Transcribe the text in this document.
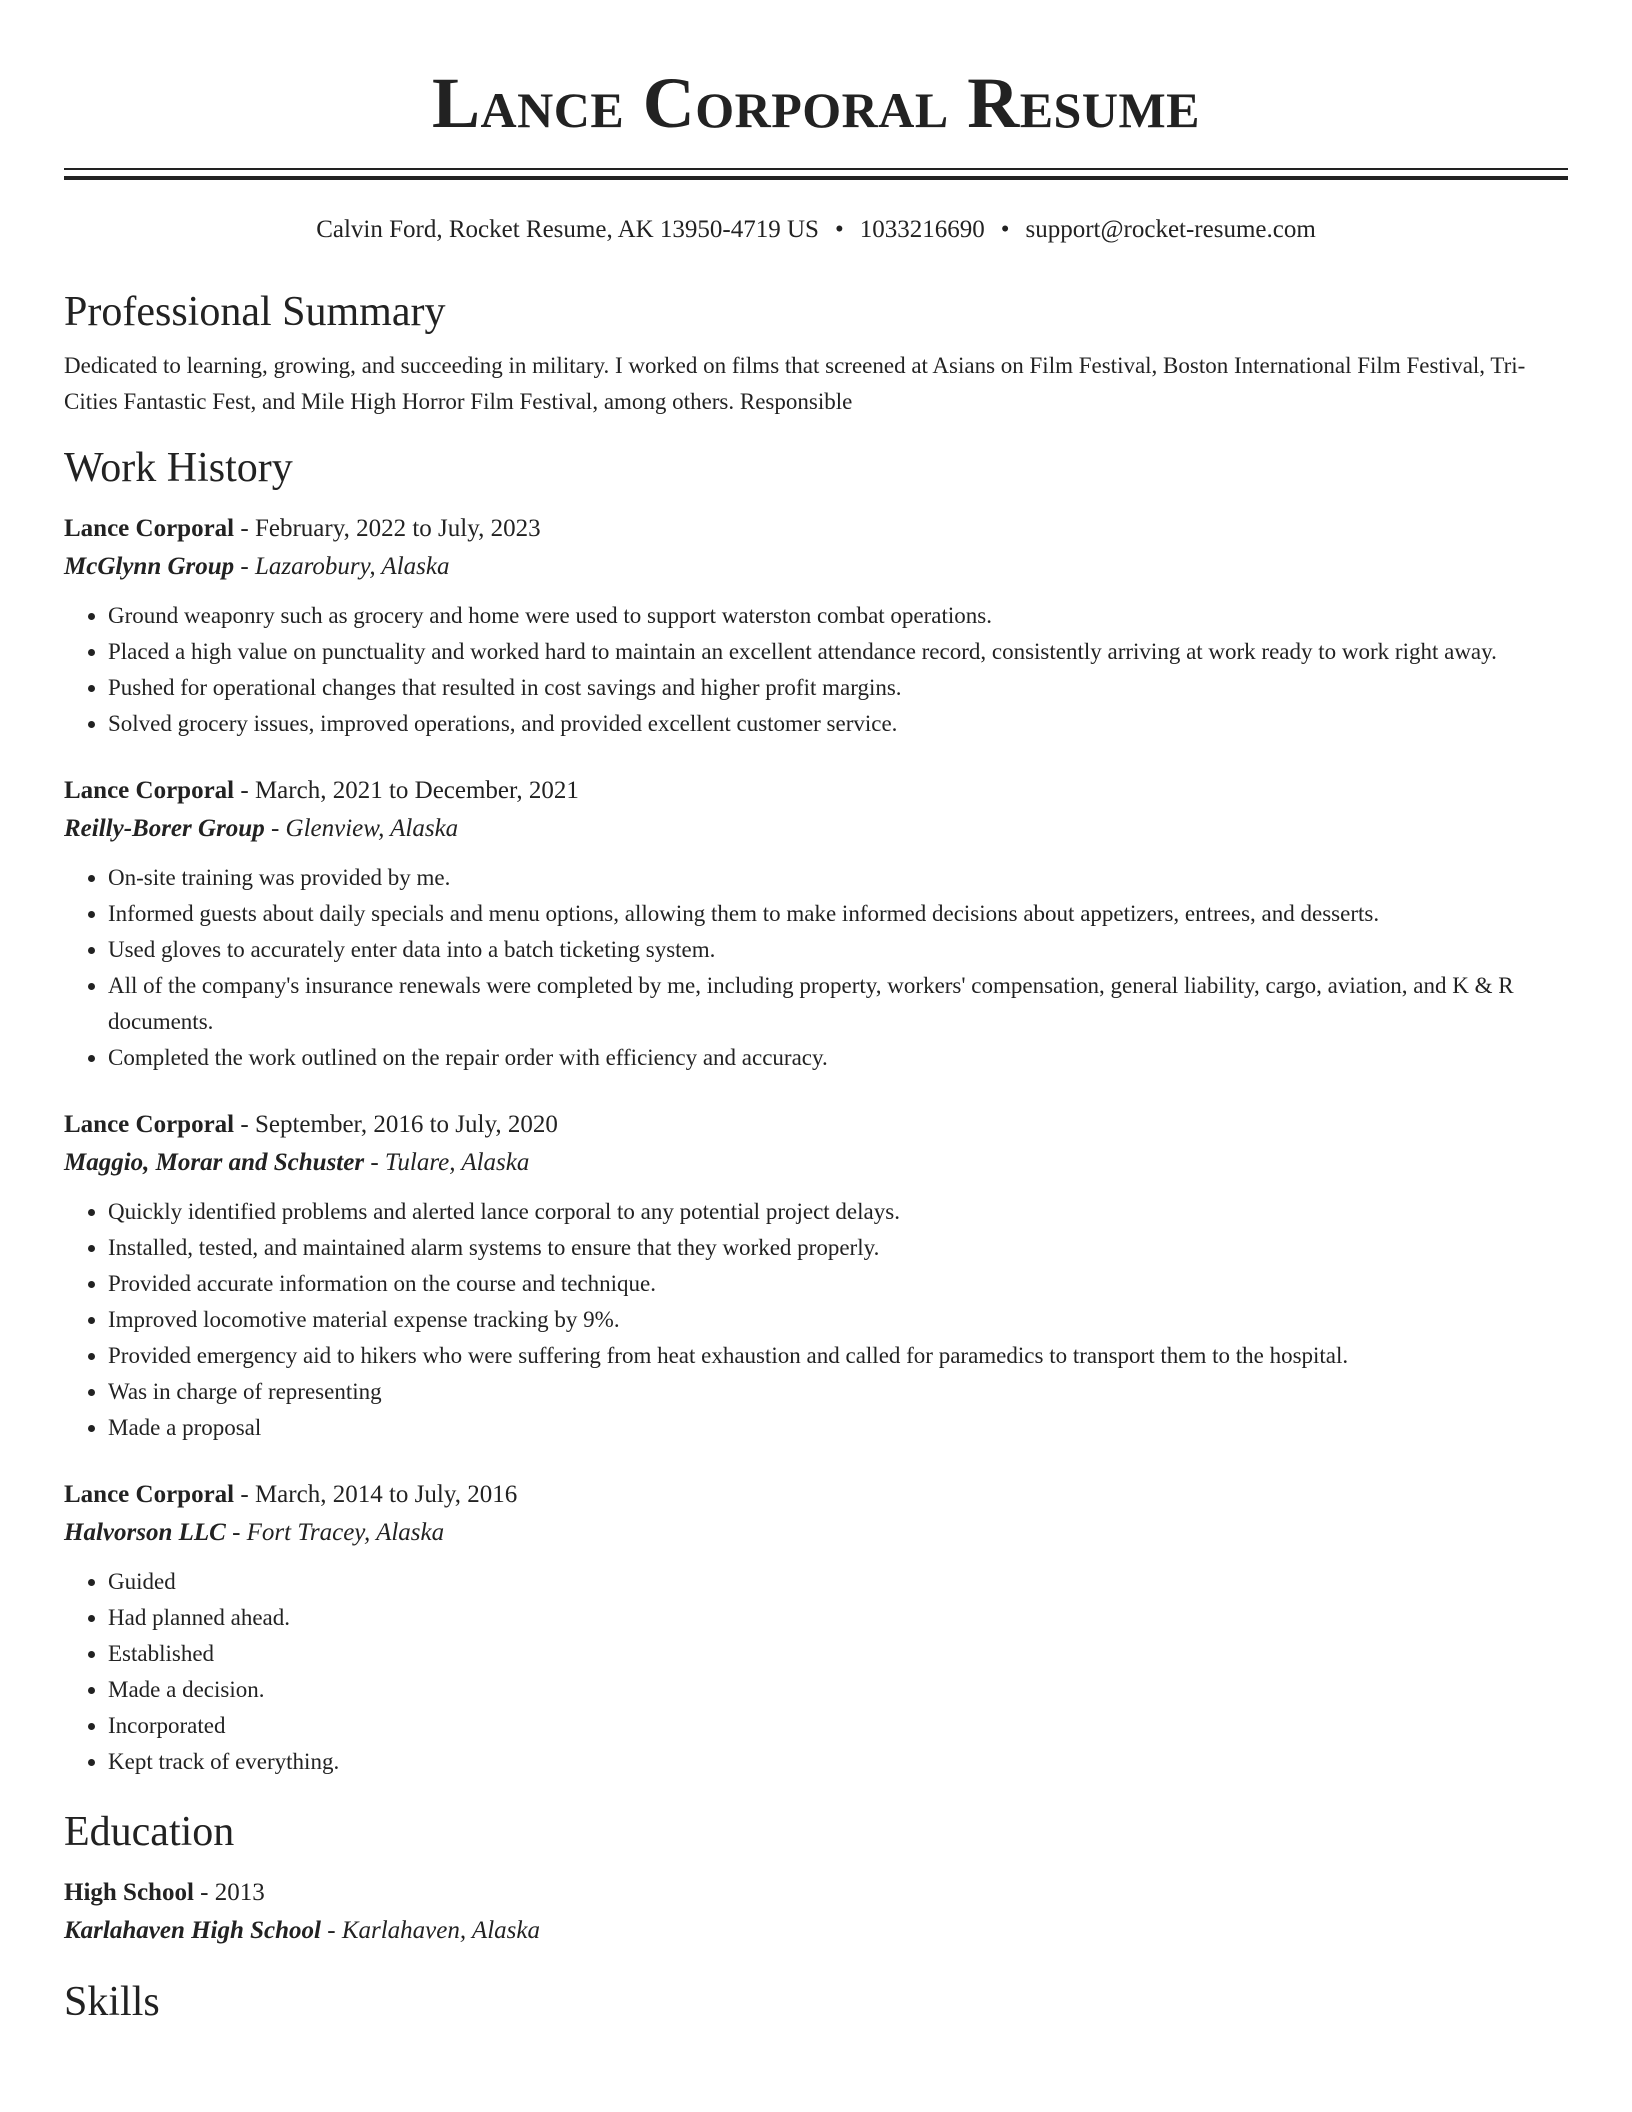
Lance Corporal Resume
Calvin Ford, Rocket Resume, AK 13950-4719 US • 1033216690 • support@rocket-resume.com
Professional Summary
Dedicated to learning, growing, and succeeding in military. I worked on films that screened at Asians on Film Festival, Boston International Film Festival, Tri-Cities Fantastic Fest, and Mile High Horror Film Festival, among others. Responsible
Work History
Lance Corporal - February, 2022 to July, 2023
McGlynn Group - Lazarobury, Alaska
• Ground weaponry such as grocery and home were used to support waterston combat operations.
• Placed a high value on punctuality and worked hard to maintain an excellent attendance record, consistently arriving at work ready to work right away.
• Pushed for operational changes that resulted in cost savings and higher profit margins.
• Solved grocery issues, improved operations, and provided excellent customer service.
Lance Corporal - March, 2021 to December, 2021
Reilly-Borer Group - Glenview, Alaska
• On-site training was provided by me.
• Informed guests about daily specials and menu options, allowing them to make informed decisions about appetizers, entrees, and desserts.
• Used gloves to accurately enter data into a batch ticketing system.
• All of the company's insurance renewals were completed by me, including property, workers' compensation, general liability, cargo, aviation, and K & R documents.
• Completed the work outlined on the repair order with efficiency and accuracy.
Lance Corporal - September, 2016 to July, 2020
Maggio, Morar and Schuster - Tulare, Alaska
• Quickly identified problems and alerted lance corporal to any potential project delays.
• Installed, tested, and maintained alarm systems to ensure that they worked properly.
• Provided accurate information on the course and technique.
• Improved locomotive material expense tracking by 9%.
• Provided emergency aid to hikers who were suffering from heat exhaustion and called for paramedics to transport them to the hospital.
• Was in charge of representing
• Made a proposal
Lance Corporal - March, 2014 to July, 2016
Halvorson LLC - Fort Tracey, Alaska
• Guided
• Had planned ahead.
• Established
• Made a decision.
• Incorporated
• Kept track of everything.
Education
High School - 2013
Karlahaven High School - Karlahaven, Alaska
Skills
